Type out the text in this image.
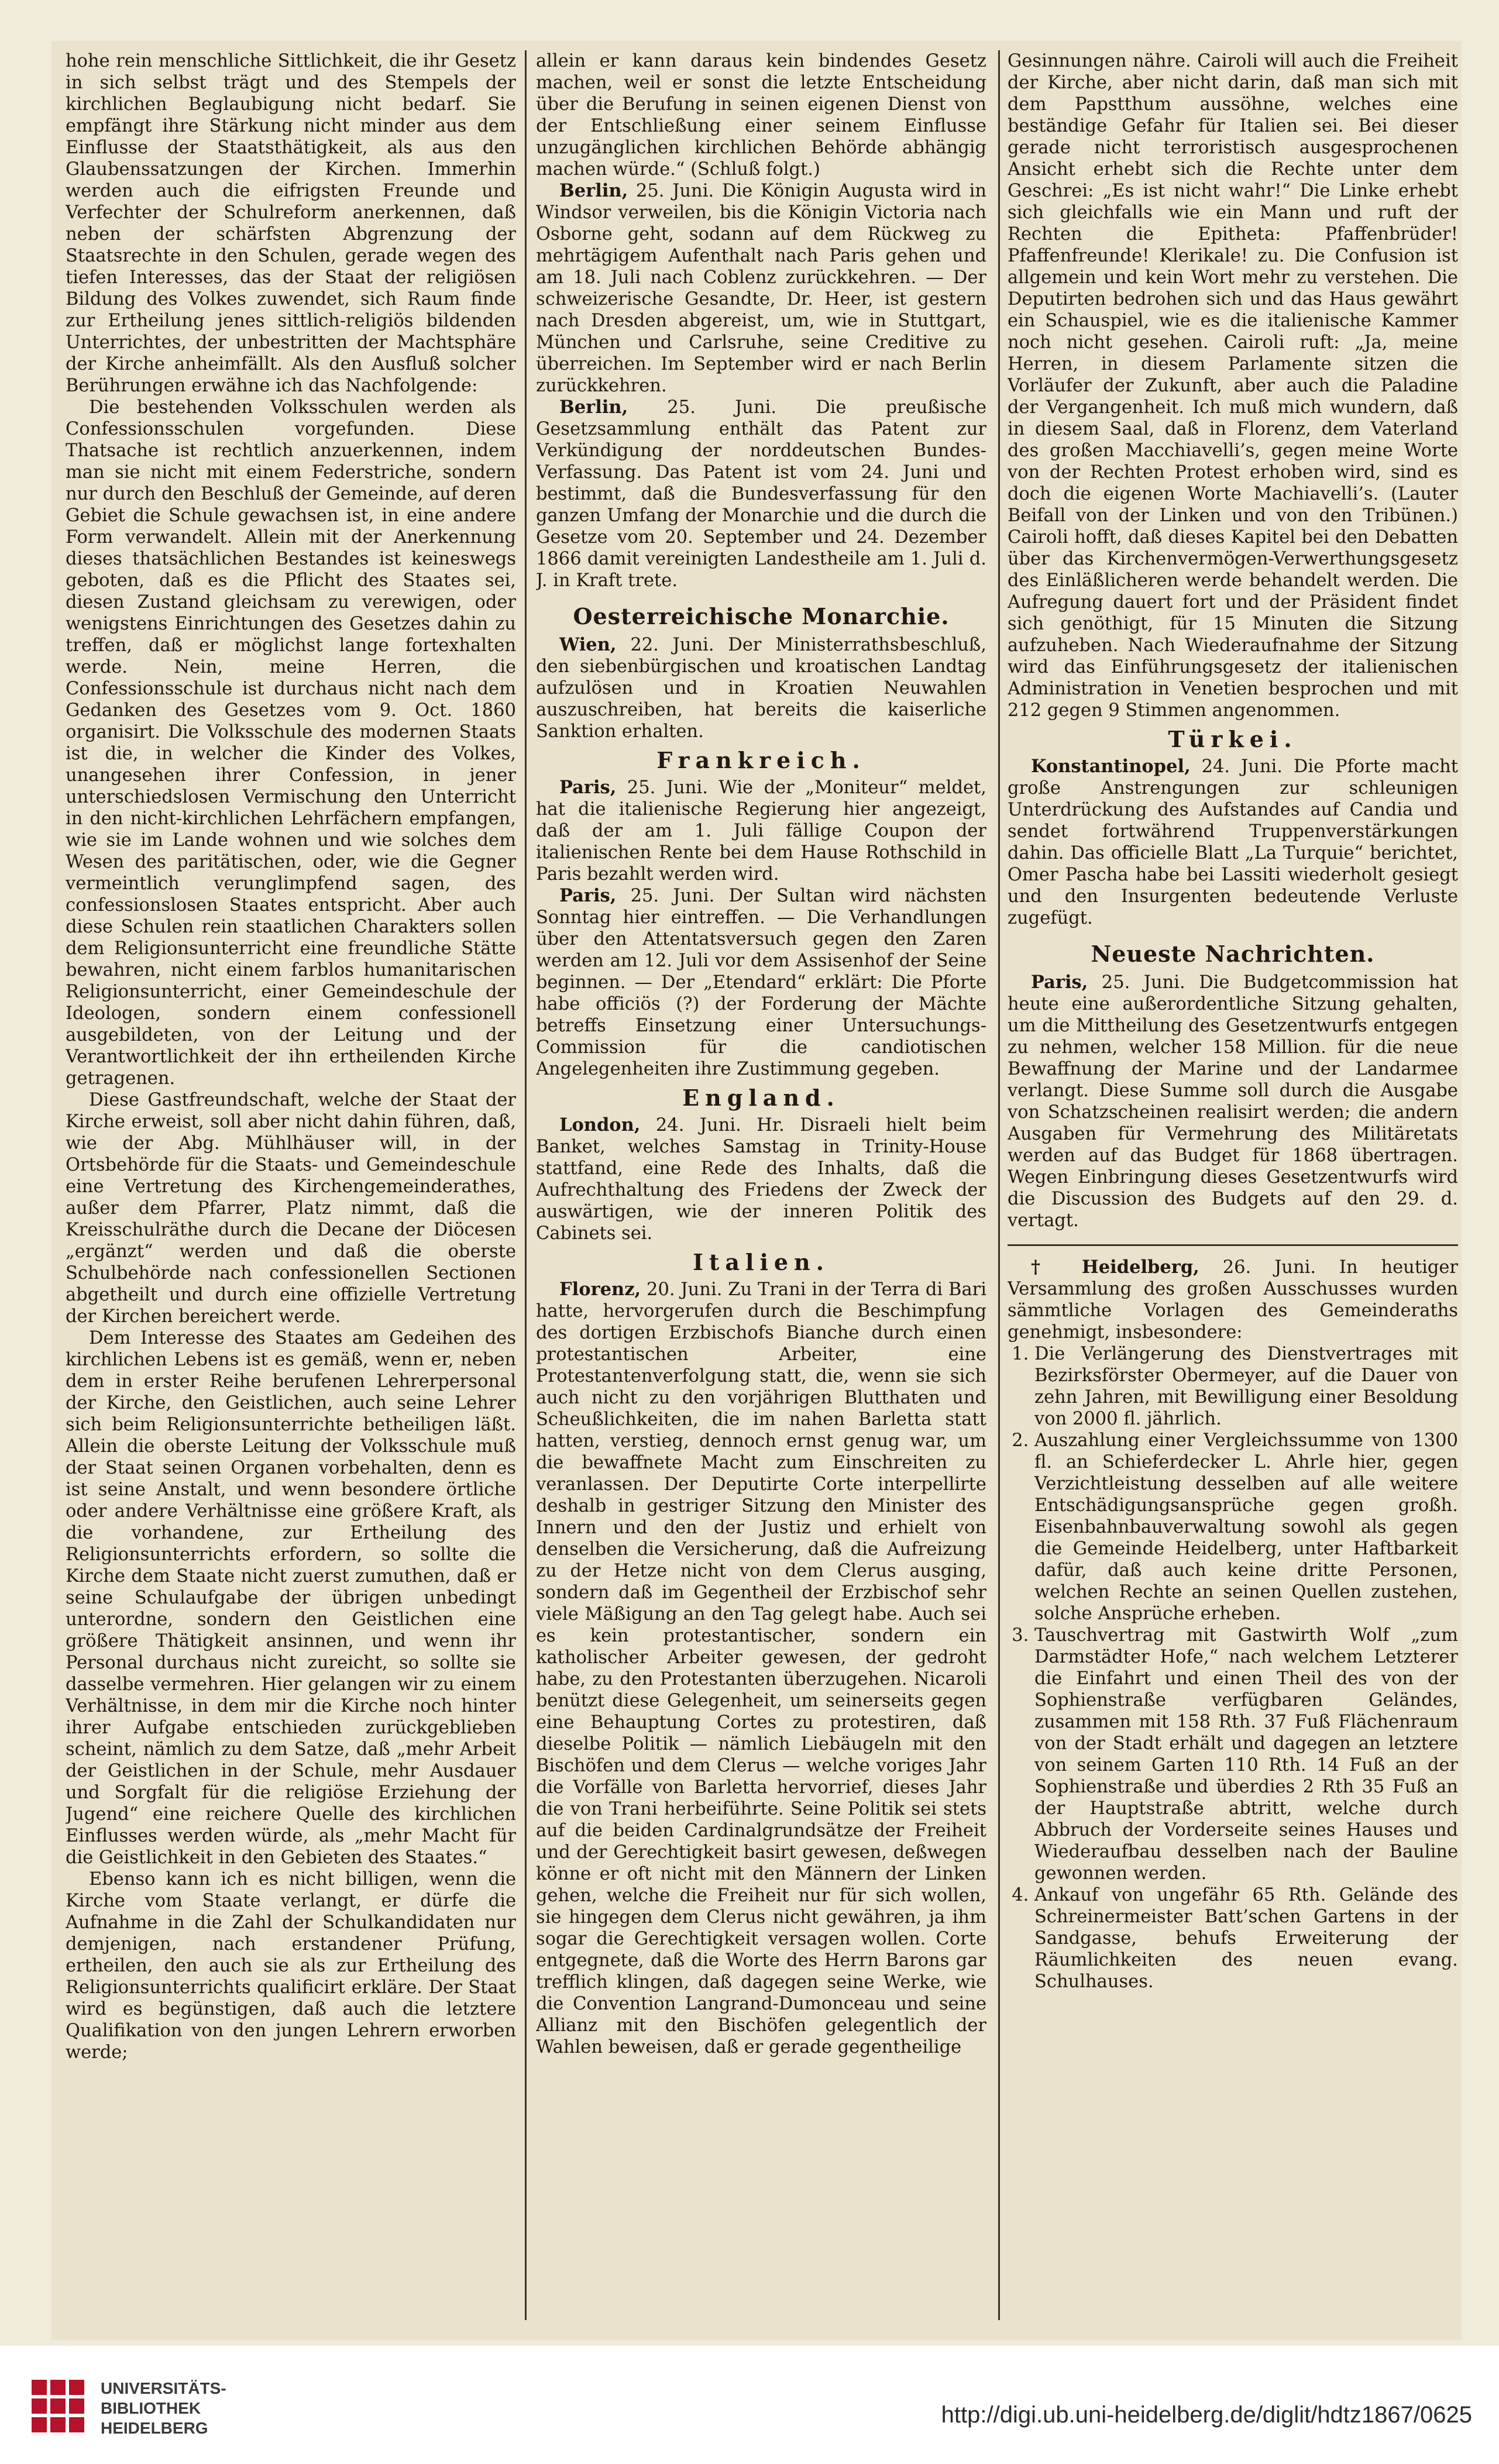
hohe rein menschliche Sittlichkeit, die ihr Gesetz in sich selbst trägt und des Stempels der kirchlichen Beglaubigung nicht bedarf. Sie empfängt ihre Stärkung nicht minder aus dem Einflusse der Staatsthätigkeit, als aus den Glaubenssatzungen der Kirchen. Immerhin werden auch die eifrigsten Freunde und Verfechter der Schulreform anerkennen, daß neben der schärfsten Abgrenzung der Staatsrechte in den Schulen, gerade wegen des tiefen Interesses, das der Staat der religiösen Bildung des Volkes zuwendet, sich Raum finde zur Ertheilung jenes sittlich-religiös bildenden Unterrichtes, der unbestritten der Machtsphäre der Kirche anheimfällt. Als den Ausfluß solcher Berührungen erwähne ich das Nachfolgende:

Die bestehenden Volksschulen werden als Confessionsschulen vorgefunden. Diese Thatsache ist rechtlich anzuerkennen, indem man sie nicht mit einem Federstriche, sondern nur durch den Beschluß der Gemeinde, auf deren Gebiet die Schule gewachsen ist, in eine andere Form verwandelt. Allein mit der Anerkennung dieses thatsächlichen Bestandes ist keineswegs geboten, daß es die Pflicht des Staates sei, diesen Zustand gleichsam zu verewigen, oder wenigstens Einrichtungen des Gesetzes dahin zu treffen, daß er möglichst lange fortexhalten werde. Nein, meine Herren, die Confessionsschule ist durchaus nicht nach dem Gedanken des Gesetzes vom 9. Oct. 1860 organisirt. Die Volksschule des modernen Staats ist die, in welcher die Kinder des Volkes, unangesehen ihrer Confession, in jener unterschiedslosen Vermischung den Unterricht in den nicht-kirchlichen Lehrfächern empfangen, wie sie im Lande wohnen und wie solches dem Wesen des paritätischen, oder, wie die Gegner vermeintlich verunglimpfend sagen, des confessionslosen Staates entspricht. Aber auch diese Schulen rein staatlichen Charakters sollen dem Religionsunterricht eine freundliche Stätte bewahren, nicht einem farblos humanitarischen Religionsunterricht, einer Gemeindeschule der Ideologen, sondern einem confessionell ausgebildeten, von der Leitung und der Verantwortlichkeit der ihn ertheilenden Kirche getragenen.

Diese Gastfreundschaft, welche der Staat der Kirche erweist, soll aber nicht dahin führen, daß, wie der Abg. Mühlhäuser will, in der Ortsbehörde für die Staats- und Gemeindeschule eine Vertretung des Kirchengemeinderathes, außer dem Pfarrer, Platz nimmt, daß die Kreisschulräthe durch die Decane der Diöcesen „ergänzt“ werden und daß die oberste Schulbehörde nach confessionellen Sectionen abgetheilt und durch eine offizielle Vertretung der Kirchen bereichert werde.

Dem Interesse des Staates am Gedeihen des kirchlichen Lebens ist es gemäß, wenn er, neben dem in erster Reihe berufenen Lehrerpersonal der Kirche, den Geistlichen, auch seine Lehrer sich beim Religionsunterrichte betheiligen läßt. Allein die oberste Leitung der Volksschule muß der Staat seinen Organen vorbehalten, denn es ist seine Anstalt, und wenn besondere örtliche oder andere Verhältnisse eine größere Kraft, als die vorhandene, zur Ertheilung des Religionsunterrichts erfordern, so sollte die Kirche dem Staate nicht zuerst zumuthen, daß er seine Schulaufgabe der übrigen unbedingt unterordne, sondern den Geistlichen eine größere Thätigkeit ansinnen, und wenn ihr Personal durchaus nicht zureicht, so sollte sie dasselbe vermehren. Hier gelangen wir zu einem Verhältnisse, in dem mir die Kirche noch hinter ihrer Aufgabe entschieden zurückgeblieben scheint, nämlich zu dem Satze, daß „mehr Arbeit der Geistlichen in der Schule, mehr Ausdauer und Sorgfalt für die religiöse Erziehung der Jugend“ eine reichere Quelle des kirchlichen Einflusses werden würde, als „mehr Macht für die Geistlichkeit in den Gebieten des Staates.“

Ebenso kann ich es nicht billigen, wenn die Kirche vom Staate verlangt, er dürfe die Aufnahme in die Zahl der Schulkandidaten nur demjenigen, nach erstandener Prüfung, ertheilen, den auch sie als zur Ertheilung des Religionsunterrichts qualificirt erkläre. Der Staat wird es begünstigen, daß auch die letztere Qualifikation von den jungen Lehrern erworben werde;

allein er kann daraus kein bindendes Gesetz machen, weil er sonst die letzte Entscheidung über die Berufung in seinen eigenen Dienst von der Entschließung einer seinem Einflusse unzugänglichen kirchlichen Behörde abhängig machen würde.“ (Schluß folgt.)

Berlin, 25. Juni. Die Königin Augusta wird in Windsor verweilen, bis die Königin Victoria nach Osborne geht, sodann auf dem Rückweg zu mehrtägigem Aufenthalt nach Paris gehen und am 18. Juli nach Coblenz zurückkehren. — Der schweizerische Gesandte, Dr. Heer, ist gestern nach Dresden abgereist, um, wie in Stuttgart, München und Carlsruhe, seine Creditive zu überreichen. Im September wird er nach Berlin zurückkehren.

Berlin, 25. Juni. Die preußische Gesetzsammlung enthält das Patent zur Verkündigung der norddeutschen Bundes-Verfassung. Das Patent ist vom 24. Juni und bestimmt, daß die Bundesverfassung für den ganzen Umfang der Monarchie und die durch die Gesetze vom 20. September und 24. Dezember 1866 damit vereinigten Landestheile am 1. Juli d. J. in Kraft trete.

Oesterreichische Monarchie.

Wien, 22. Juni. Der Ministerrathsbeschluß, den siebenbürgischen und kroatischen Landtag aufzulösen und in Kroatien Neuwahlen auszuschreiben, hat bereits die kaiserliche Sanktion erhalten.

Frankreich.

Paris, 25. Juni. Wie der „Moniteur“ meldet, hat die italienische Regierung hier angezeigt, daß der am 1. Juli fällige Coupon der italienischen Rente bei dem Hause Rothschild in Paris bezahlt werden wird.

Paris, 25. Juni. Der Sultan wird nächsten Sonntag hier eintreffen. — Die Verhandlungen über den Attentatsversuch gegen den Zaren werden am 12. Juli vor dem Assisenhof der Seine beginnen. — Der „Etendard“ erklärt: Die Pforte habe officiös (?) der Forderung der Mächte betreffs Einsetzung einer Untersuchungs-Commission für die candiotischen Angelegenheiten ihre Zustimmung gegeben.

England.

London, 24. Juni. Hr. Disraeli hielt beim Banket, welches Samstag in Trinity-House stattfand, eine Rede des Inhalts, daß die Aufrechthaltung des Friedens der Zweck der auswärtigen, wie der inneren Politik des Cabinets sei.

Italien.

Florenz, 20. Juni. Zu Trani in der Terra di Bari hatte, hervorgerufen durch die Beschimpfung des dortigen Erzbischofs Bianche durch einen protestantischen Arbeiter, eine Protestantenverfolgung statt, die, wenn sie sich auch nicht zu den vorjährigen Blutthaten und Scheußlichkeiten, die im nahen Barletta statt hatten, verstieg, dennoch ernst genug war, um die bewaffnete Macht zum Einschreiten zu veranlassen. Der Deputirte Corte interpellirte deshalb in gestriger Sitzung den Minister des Innern und den der Justiz und erhielt von denselben die Versicherung, daß die Aufreizung zu der Hetze nicht von dem Clerus ausging, sondern daß im Gegentheil der Erzbischof sehr viele Mäßigung an den Tag gelegt habe. Auch sei es kein protestantischer, sondern ein katholischer Arbeiter gewesen, der gedroht habe, zu den Protestanten überzugehen. Nicaroli benützt diese Gelegenheit, um seinerseits gegen eine Behauptung Cortes zu protestiren, daß dieselbe Politik — nämlich Liebäugeln mit den Bischöfen und dem Clerus — welche voriges Jahr die Vorfälle von Barletta hervorrief, dieses Jahr die von Trani herbeiführte. Seine Politik sei stets auf die beiden Cardinalgrundsätze der Freiheit und der Gerechtigkeit basirt gewesen, deßwegen könne er oft nicht mit den Männern der Linken gehen, welche die Freiheit nur für sich wollen, sie hingegen dem Clerus nicht gewähren, ja ihm sogar die Gerechtigkeit versagen wollen. Corte entgegnete, daß die Worte des Herrn Barons gar trefflich klingen, daß dagegen seine Werke, wie die Convention Langrand-Dumonceau und seine Allianz mit den Bischöfen gelegentlich der Wahlen beweisen, daß er gerade gegentheilige

Gesinnungen nähre. Cairoli will auch die Freiheit der Kirche, aber nicht darin, daß man sich mit dem Papstthum aussöhne, welches eine beständige Gefahr für Italien sei. Bei dieser gerade nicht terroristisch ausgesprochenen Ansicht erhebt sich die Rechte unter dem Geschrei: „Es ist nicht wahr!“ Die Linke erhebt sich gleichfalls wie ein Mann und ruft der Rechten die Epitheta: Pfaffenbrüder! Pfaffenfreunde! Klerikale! zu. Die Confusion ist allgemein und kein Wort mehr zu verstehen. Die Deputirten bedrohen sich und das Haus gewährt ein Schauspiel, wie es die italienische Kammer noch nicht gesehen. Cairoli ruft: „Ja, meine Herren, in diesem Parlamente sitzen die Vorläufer der Zukunft, aber auch die Paladine der Vergangenheit. Ich muß mich wundern, daß in diesem Saal, daß in Florenz, dem Vaterland des großen Macchiavelli’s, gegen meine Worte von der Rechten Protest erhoben wird, sind es doch die eigenen Worte Machiavelli’s. (Lauter Beifall von der Linken und von den Tribünen.) Cairoli hofft, daß dieses Kapitel bei den Debatten über das Kirchenvermögen-Verwerthungsgesetz des Einläßlicheren werde behandelt werden. Die Aufregung dauert fort und der Präsident findet sich genöthigt, für 15 Minuten die Sitzung aufzuheben. Nach Wiederaufnahme der Sitzung wird das Einführungsgesetz der italienischen Administration in Venetien besprochen und mit 212 gegen 9 Stimmen angenommen.

Türkei.

Konstantinopel, 24. Juni. Die Pforte macht große Anstrengungen zur schleunigen Unterdrückung des Aufstandes auf Candia und sendet fortwährend Truppenverstärkungen dahin. Das officielle Blatt „La Turquie“ berichtet, Omer Pascha habe bei Lassiti wiederholt gesiegt und den Insurgenten bedeutende Verluste zugefügt.

Neueste Nachrichten.

Paris, 25. Juni. Die Budgetcommission hat heute eine außerordentliche Sitzung gehalten, um die Mittheilung des Gesetzentwurfs entgegen zu nehmen, welcher 158 Million. für die neue Bewaffnung der Marine und der Landarmee verlangt. Diese Summe soll durch die Ausgabe von Schatzscheinen realisirt werden; die andern Ausgaben für Vermehrung des Militäretats werden auf das Budget für 1868 übertragen. Wegen Einbringung dieses Gesetzentwurfs wird die Discussion des Budgets auf den 29. d. vertagt.

† Heidelberg, 26. Juni. In heutiger Versammlung des großen Ausschusses wurden sämmtliche Vorlagen des Gemeinderaths genehmigt, insbesondere:

1. Die Verlängerung des Dienstvertrages mit Bezirksförster Obermeyer, auf die Dauer von zehn Jahren, mit Bewilligung einer Besoldung von 2000 fl. jährlich.
2. Auszahlung einer Vergleichssumme von 1300 fl. an Schieferdecker L. Ahrle hier, gegen Verzichtleistung desselben auf alle weitere Entschädigungsansprüche gegen großh. Eisenbahnbauverwaltung sowohl als gegen die Gemeinde Heidelberg, unter Haftbarkeit dafür, daß auch keine dritte Personen, welchen Rechte an seinen Quellen zustehen, solche Ansprüche erheben.
3. Tauschvertrag mit Gastwirth Wolf „zum Darmstädter Hofe,“ nach welchem Letzterer die Einfahrt und einen Theil des von der Sophienstraße verfügbaren Geländes, zusammen mit 158 Rth. 37 Fuß Flächenraum von der Stadt erhält und dagegen an letztere von seinem Garten 110 Rth. 14 Fuß an der Sophienstraße und überdies 2 Rth 35 Fuß an der Hauptstraße abtritt, welche durch Abbruch der Vorderseite seines Hauses und Wiederaufbau desselben nach der Bauline gewonnen werden.
4. Ankauf von ungefähr 65 Rth. Gelände des Schreinermeister Batt’schen Gartens in der Sandgasse, behufs Erweiterung der Räumlichkeiten des neuen evang. Schulhauses.
UNIVERSITÄTS-
BIBLIOTHEK
HEIDELBERG
http://digi.ub.uni-heidelberg.de/diglit/hdtz1867/0625
